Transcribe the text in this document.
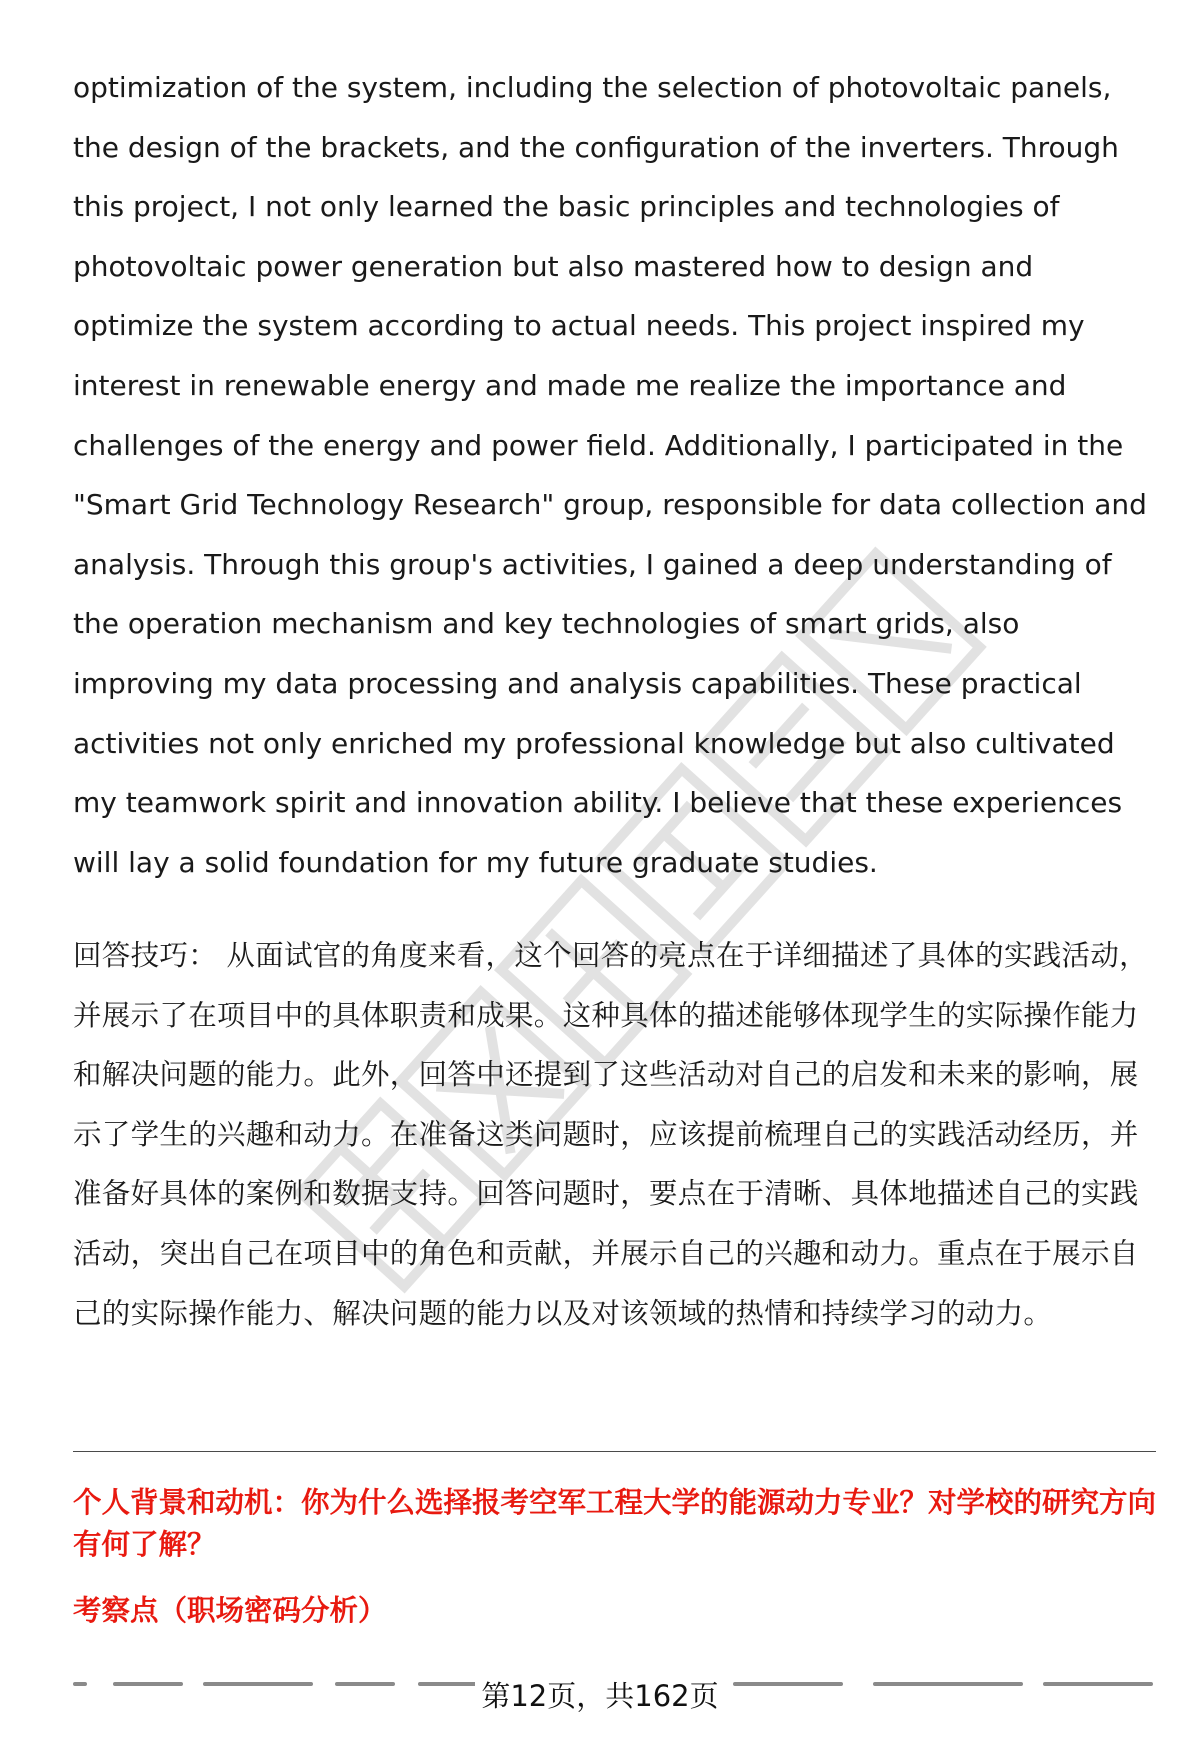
optimization of the system, including the selection of photovoltaic panels, the design of the brackets, and the configuration of the inverters. Through this project, I not only learned the basic principles and technologies of photovoltaic power generation but also mastered how to design and optimize the system according to actual needs. This project inspired my interest in renewable energy and made me realize the importance and challenges of the energy and power field. Additionally, I participated in the "Smart Grid Technology Research" group, responsible for data collection and analysis. Through this group's activities, I gained a deep understanding of the operation mechanism and key technologies of smart grids, also improving my data processing and analysis capabilities. These practical activities not only enriched my professional knowledge but also cultivated my teamwork spirit and innovation ability. I believe that these experiences will lay a solid foundation for my future graduate studies.

回答技巧： 从面试官的角度来看，这个回答的亮点在于详细描述了具体的实践活动，并展示了在项目中的具体职责和成果。这种具体的描述能够体现学生的实际操作能力和解决问题的能力。此外，回答中还提到了这些活动对自己的启发和未来的影响，展示了学生的兴趣和动力。在准备这类问题时，应该提前梳理自己的实践活动经历，并准备好具体的案例和数据支持。回答问题时，要点在于清晰、具体地描述自己的实践活动，突出自己在项目中的角色和贡献，并展示自己的兴趣和动力。重点在于展示自己的实际操作能力、解决问题的能力以及对该领域的热情和持续学习的动力。

个人背景和动机：你为什么选择报考空军工程大学的能源动力专业？对学校的研究方向有何了解？
考察点（职场密码分析）

第12页，共162页
